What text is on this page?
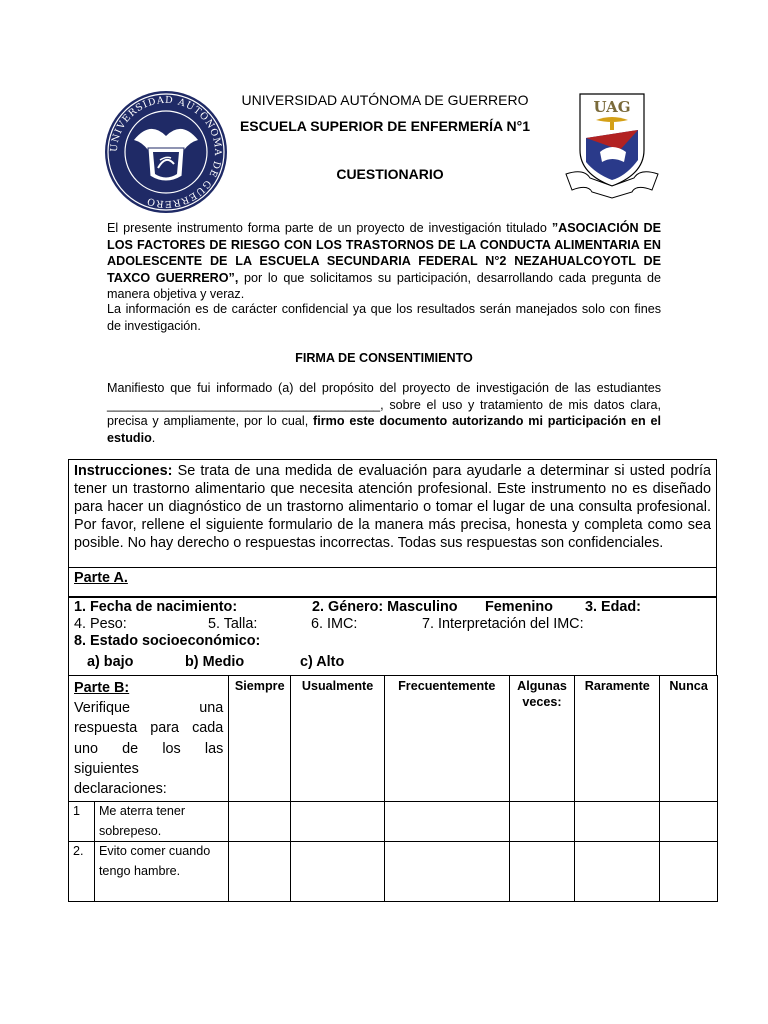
UNIVERSIDAD AUTÓNOMA DE GUERRERO
UAG
UNIVERSIDAD AUTÓNOMA DE GUERRERO
ESCUELA SUPERIOR DE ENFERMERÍA N°1
CUESTIONARIO
El presente instrumento forma parte de un proyecto de investigación titulado ”ASOCIACIÓN DE LOS FACTORES DE RIESGO CON LOS TRASTORNOS DE LA CONDUCTA ALIMENTARIA EN ADOLESCENTE DE LA ESCUELA SECUNDARIA FEDERAL N°2 NEZAHUALCOYOTL DE TAXCO GUERRERO”, por lo que solicitamos su participación, desarrollando cada pregunta de manera objetiva y veraz.
La información es de carácter confidencial ya que los resultados serán manejados solo con fines de investigación.
FIRMA DE CONSENTIMIENTO
Manifiesto que fui informado (a) del propósito del proyecto de investigación de las estudiantes _______________________________________, sobre el uso y tratamiento de mis datos clara, precisa y ampliamente, por lo cual, firmo este documento autorizando mi participación en el estudio.
Instrucciones: Se trata de una medida de evaluación para ayudarle a determinar si usted podría tener un trastorno alimentario que necesita atención profesional. Este instrumento no es diseñado para hacer un diagnóstico de un trastorno alimentario o tomar el lugar de una consulta profesional. Por favor, rellene el siguiente formulario de la manera más precisa, honesta y completa como sea posible. No hay derecho o respuestas incorrectas. Todas sus respuestas son confidenciales.
Parte A.
1. Fecha de nacimiento:	2. Género: Masculino Femenino 3. Edad:
4. Peso:	5. Talla:	6. IMC:	7. Interpretación del IMC:
8. Estado socioeconómico:
a) bajo	b) Medio	c) Alto
Parte B:
Verifique una respuesta para cada uno de los las siguientes declaraciones:		Siempre	Usualmente	Frecuentemente	Algunas veces:	Raramente	Nunca
1	Me aterra tener sobrepeso.						
2.	Evito comer cuando tengo hambre.						
